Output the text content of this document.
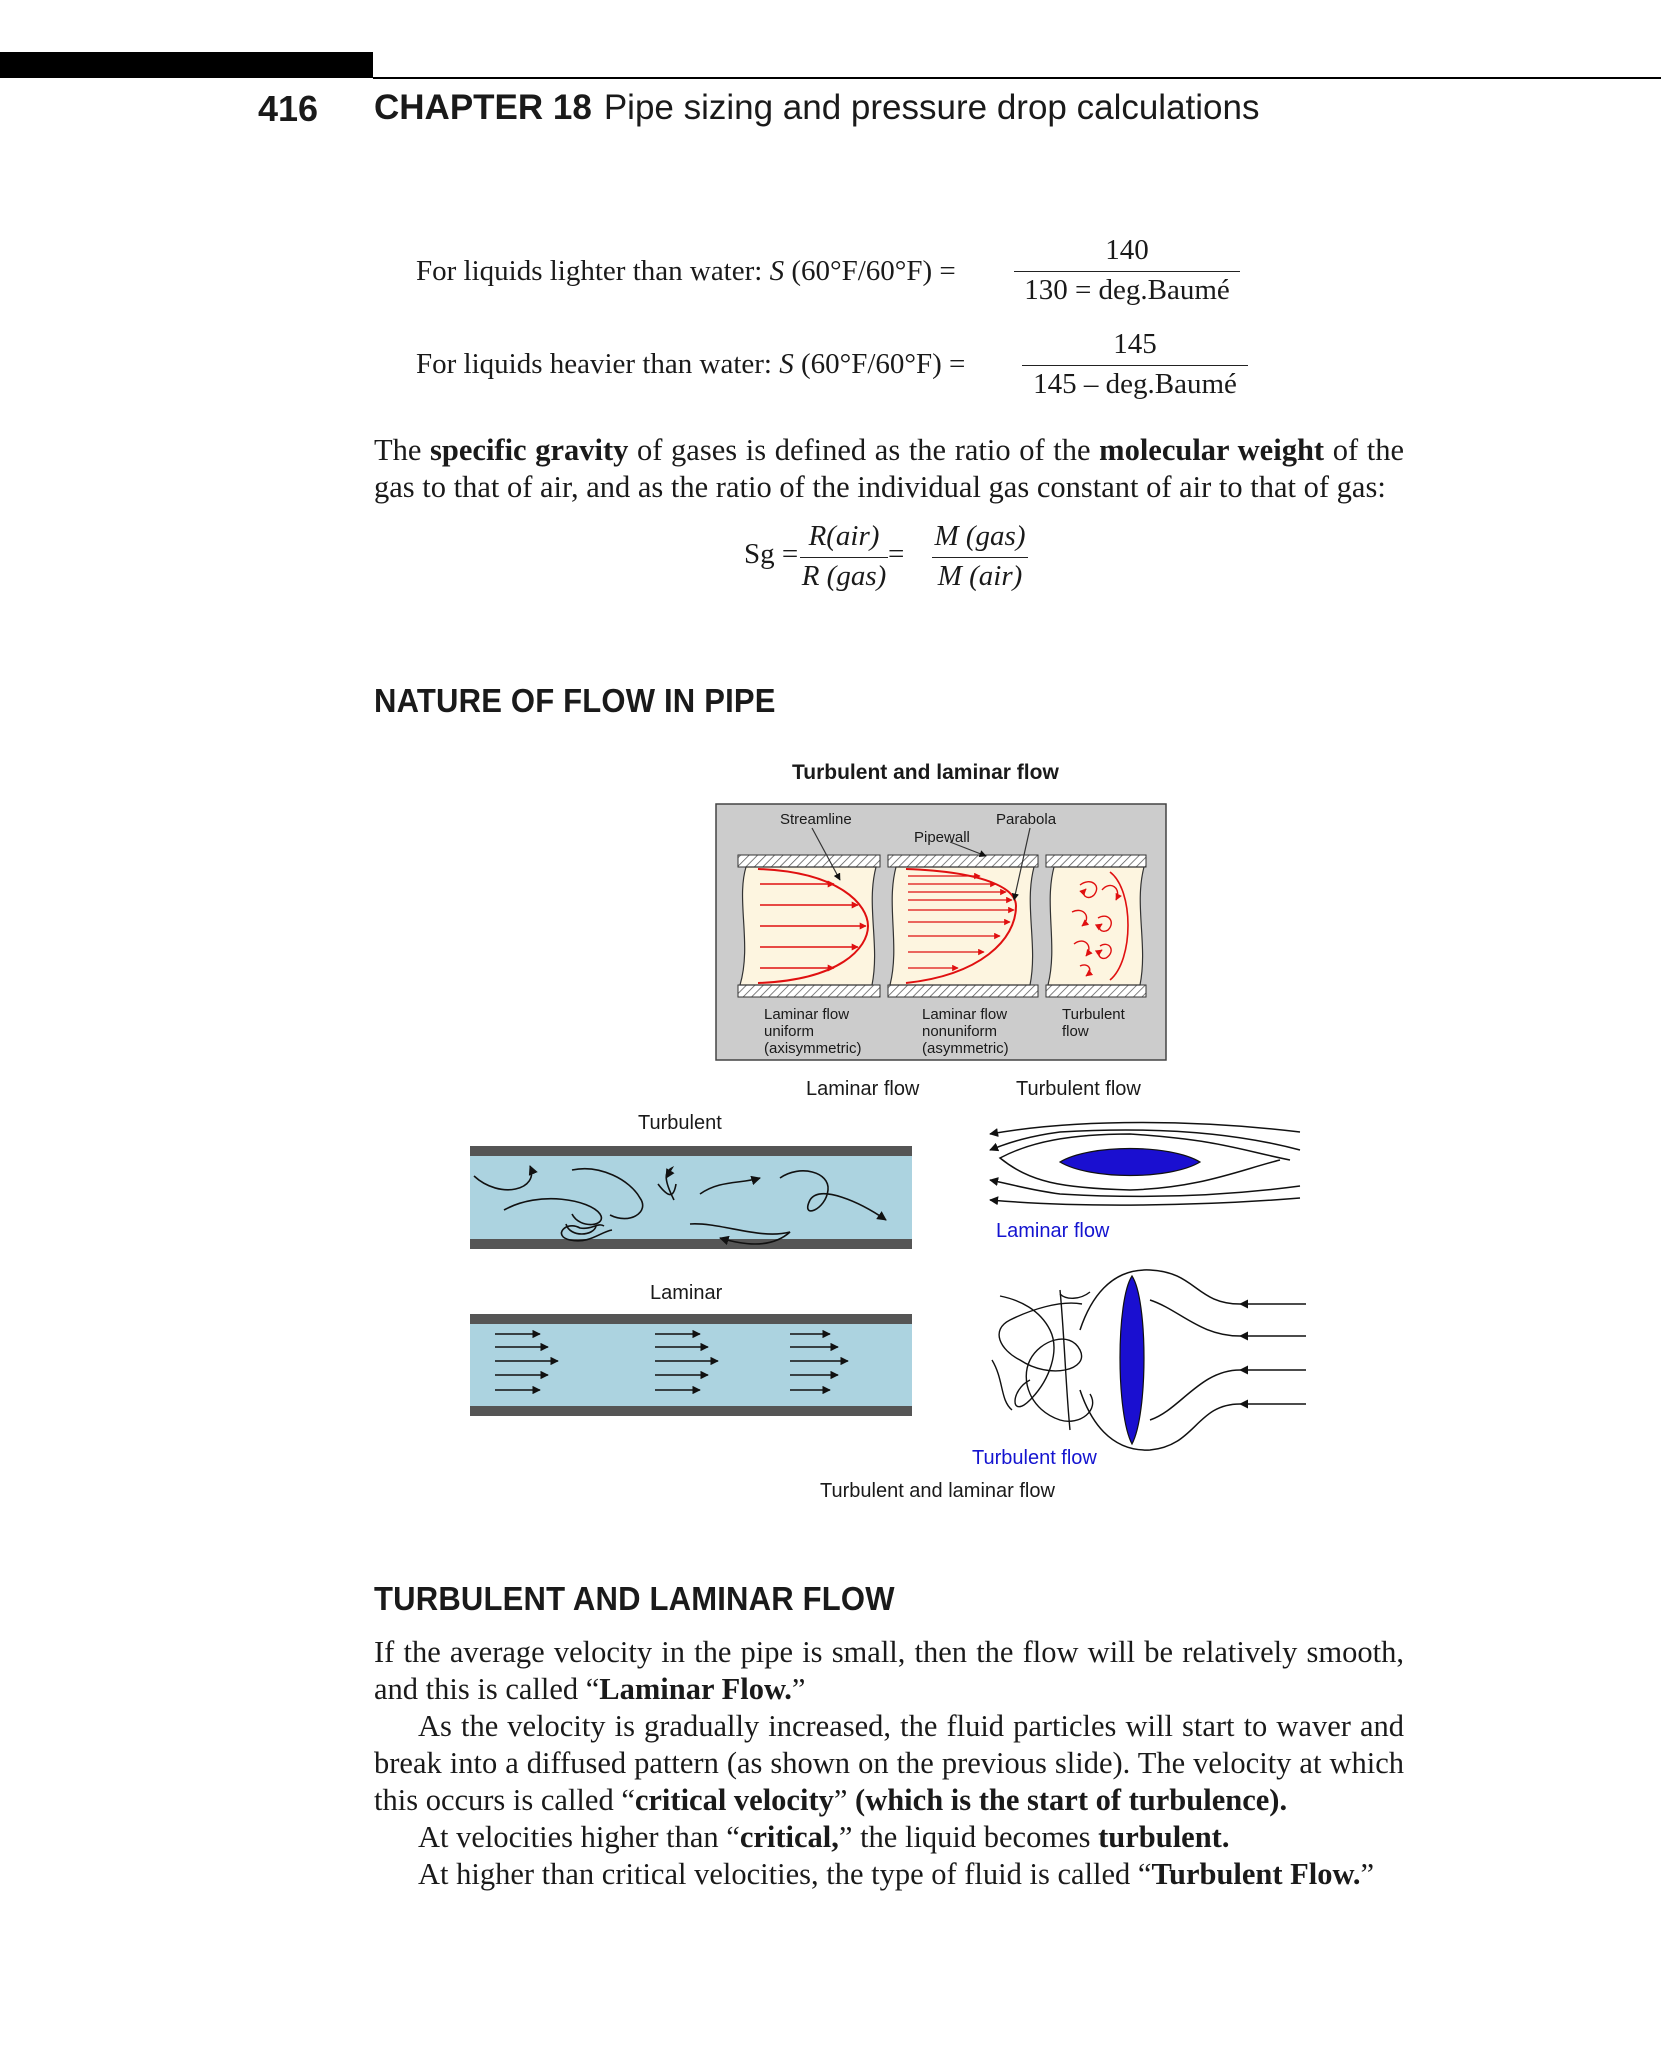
416 CHAPTER 18 Pipe sizing and pressure drop calculations
For liquids lighter than water: S (60°F/60°F) =
140
130 = deg.Baumé
For liquids heavier than water: S (60°F/60°F) =
145
145 – deg.Baumé

The specific gravity of gases is defined as the ratio of the molecular weight of the gas to that of air, and as the ratio of the individual gas constant of air to that of gas:

Sg =
R(air)
R (gas)
=
M (gas)
M (air)
NATURE OF FLOW IN PIPE
Turbulent and laminar flow
Streamline
Pipewall
Parabola
Laminar flow
uniform
(axisymmetric)
Laminar flow
nonuniform
(asymmetric)
Turbulent
flow
Laminar flow	Turbulent flow
Turbulent
Laminar
Laminar flow
Turbulent flow
Turbulent and laminar flow
TURBULENT AND LAMINAR FLOW

If the average velocity in the pipe is small, then the flow will be relatively smooth, and this is called “Laminar Flow.”

As the velocity is gradually increased, the fluid particles will start to waver and break into a diffused pattern (as shown on the previous slide). The velocity at which this occurs is called “critical velocity” (which is the start of turbulence).

At velocities higher than “critical,” the liquid becomes turbulent.

At higher than critical velocities, the type of fluid is called “Turbulent Flow.”
